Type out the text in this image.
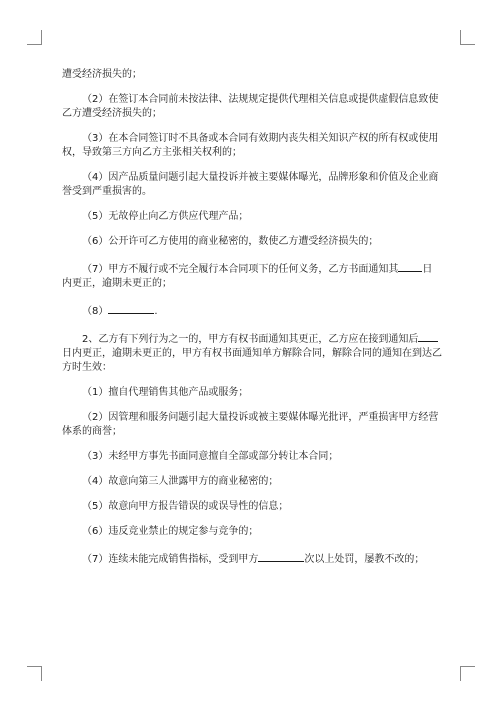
遭受经济损失的；

（2）在签订本合同前未按法律、法规规定提供代理相关信息或提供虚假信息致使乙方遭受经济损失的；

（3）在本合同签订时不具备或本合同有效期内丧失相关知识产权的所有权或使用权，导致第三方向乙方主张相关权利的；

（4）因产品质量问题引起大量投诉并被主要媒体曝光，品牌形象和价值及企业商誉受到严重损害的。

（5）无故停止向乙方供应代理产品；

（6）公开许可乙方使用的商业秘密的，数使乙方遭受经济损失的；

（7）甲方不履行或不完全履行本合同项下的任何义务，乙方书面通知其 日内更正，逾期未更正的；

（8）	.

2、乙方有下列行为之一的，甲方有权书面通知其更正，乙方应在接到通知后日内更正，逾期未更正的，甲方有权书面通知单方解除合同，解除合同的通知在到达乙方时生效：

（1）擅自代理销售其他产品或服务；

（2）因管理和服务问题引起大量投诉或被主要媒体曝光批评，严重损害甲方经营体系的商誉；

（3）未经甲方事先书面同意擅自全部或部分转让本合同；

（4）故意向第三人泄露甲方的商业秘密的；

（5）故意向甲方报告错误的或误导性的信息；

（6）违反竞业禁止的规定参与竞争的；

（7）连续未能完成销售指标，受到甲方	次以上处罚，屡教不改的；
